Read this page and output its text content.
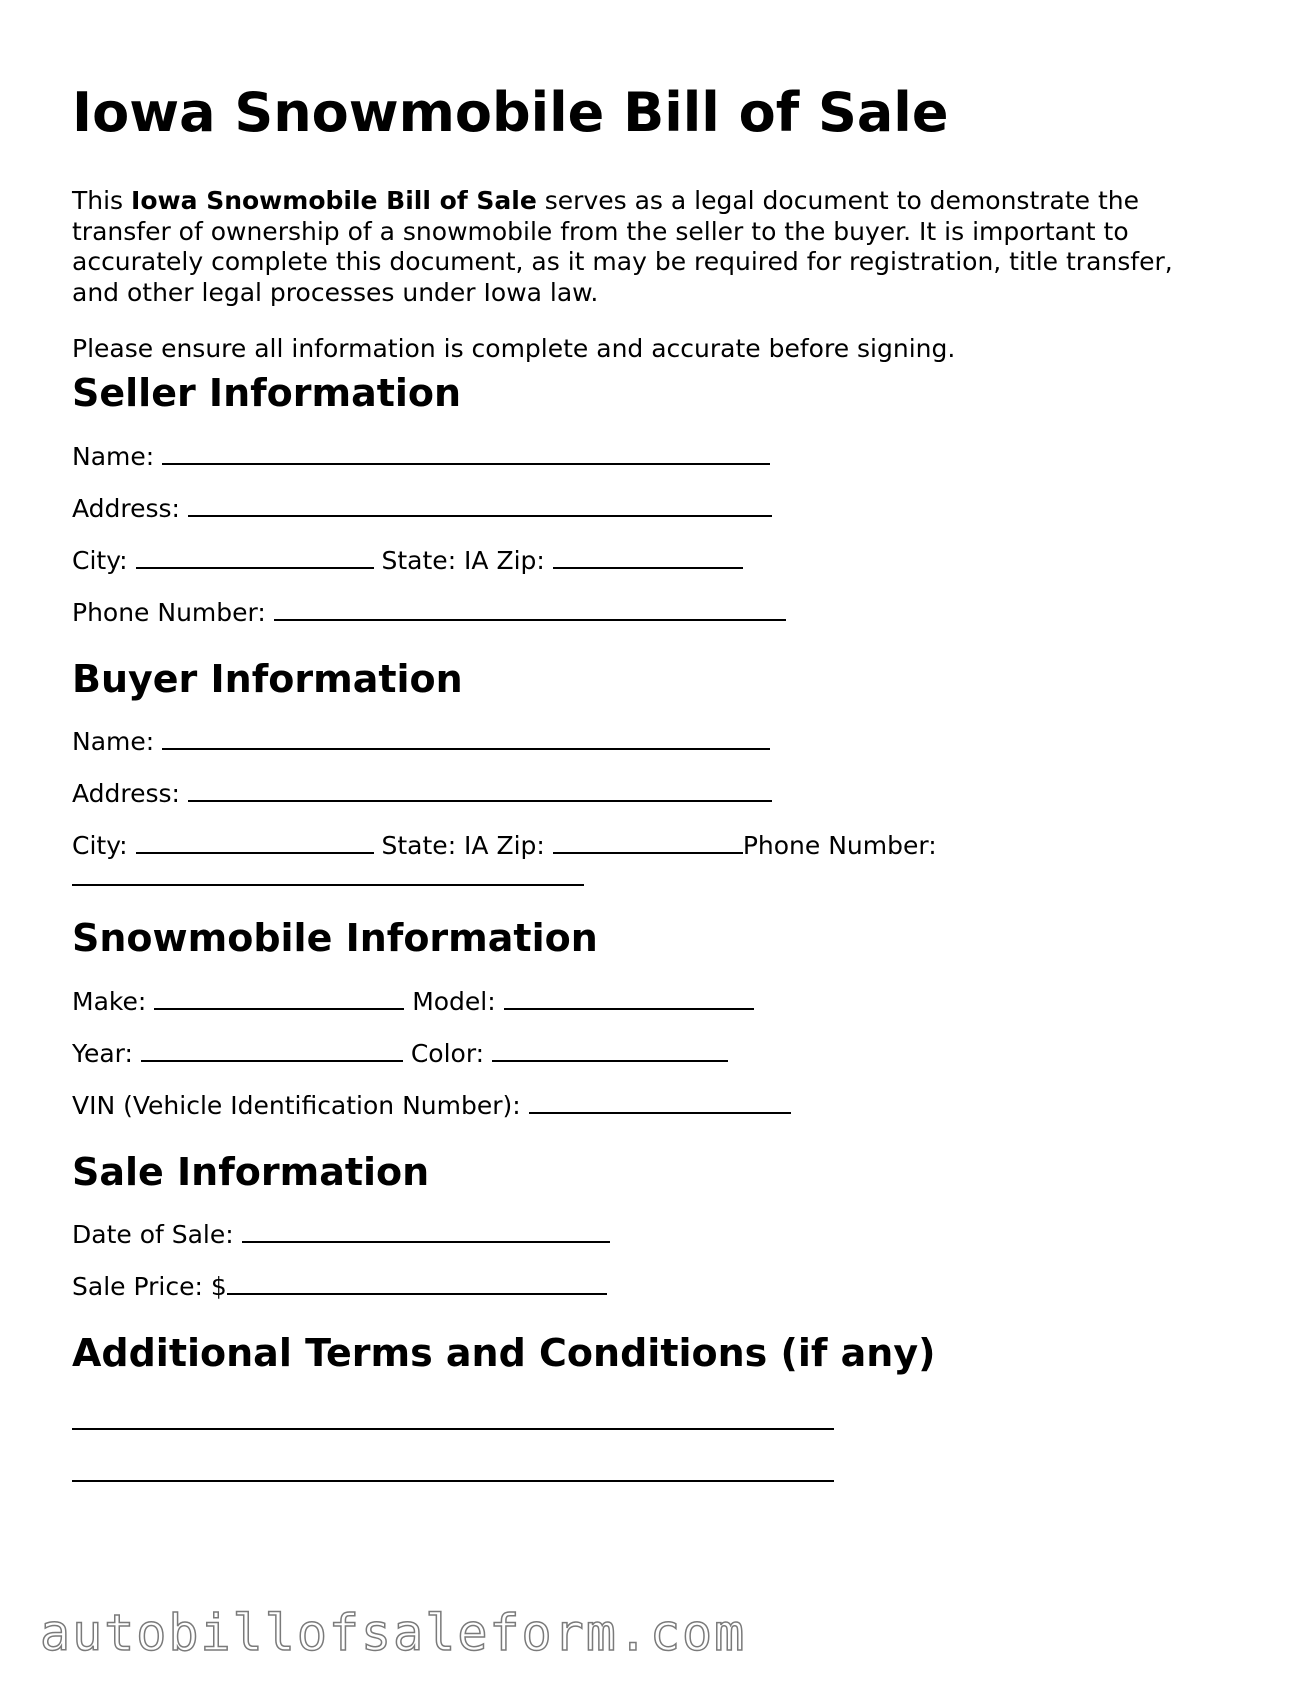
Iowa Snowmobile Bill of Sale

This Iowa Snowmobile Bill of Sale serves as a legal document to demonstrate the transfer of ownership of a snowmobile from the seller to the buyer. It is important to accurately complete this document, as it may be required for registration, title transfer, and other legal processes under Iowa law.

Please ensure all information is complete and accurate before signing.

Seller Information
Name:
Address:
City:	State: IA Zip:
Phone Number:
Buyer Information
Name:
Address:
City:	State: IA Zip:	Phone Number:
Snowmobile Information
Make:	Model:
Year:	Color:
VIN (Vehicle Identification Number):
Sale Information
Date of Sale:
Sale Price: $
Additional Terms and Conditions (if any)
autobillofsaleform.com
